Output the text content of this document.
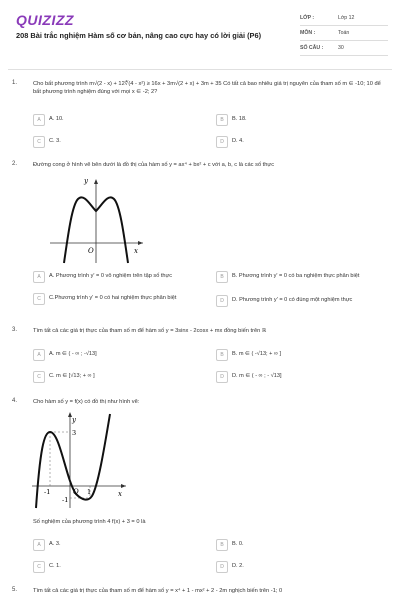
QUIZIZZ
208 Bài trắc nghiệm Hàm số cơ bản, nâng cao cực hay có lời giải (P6)
LỚP :	Lớp 12
MÔN :	Toán
SỐ CÂU :	30
1.	Cho bất phương trình m√(2 - x) + 12∜(4 - x²) ≥ 16x + 3m√(2 + x) + 3m + 35 Có tất cả bao nhiêu giá trị nguyên của tham số m ∈ -10; 10 để bất phương trình nghiệm đúng với mọi x ∈ -2; 2?
A	A. 10.	B	B. 18.
C	C. 3.	D	D. 4.
2.	Đường cong ở hình vẽ bên dưới là đồ thị của hàm số y = ax⁴ + bx² + c với a, b, c là các số thực
y
x
O
A	A. Phương trình y' = 0 vô nghiệm trên tập số thực	B	B. Phương trình y' = 0 có ba nghiệm thực phân biệt
C	C.Phương trình y' = 0 có hai nghiệm thực phân biệt	D	D. Phương trình y' = 0 có đúng một nghiệm thực
3.	Tìm tất cả các giá trị thực của tham số m để hàm số y = 3sinx - 2cosx + mx đồng biến trên ℝ
A	A. m ∈ ( - ∞ ; -√13]	B	B. m ∈ ( -√13; + ∞ ]
C	C. m ∈ [√13; + ∞ ]	D	D. m ∈ ( - ∞ ; - √13]
4.	Cho hàm số y = f(x) có đồ thị như hình vẽ:
y
x
3
-1
-1
O 1
Số nghiệm của phương trình 4 f(x) + 3 = 0 là
A	A. 3.	B	B. 0.
C	C. 1.	D	D. 2.
5.	Tìm tất cả các giá trị thực của tham số m để hàm số y = x⁴ + 1 - mx² + 2 - 2m nghịch biến trên -1; 0
